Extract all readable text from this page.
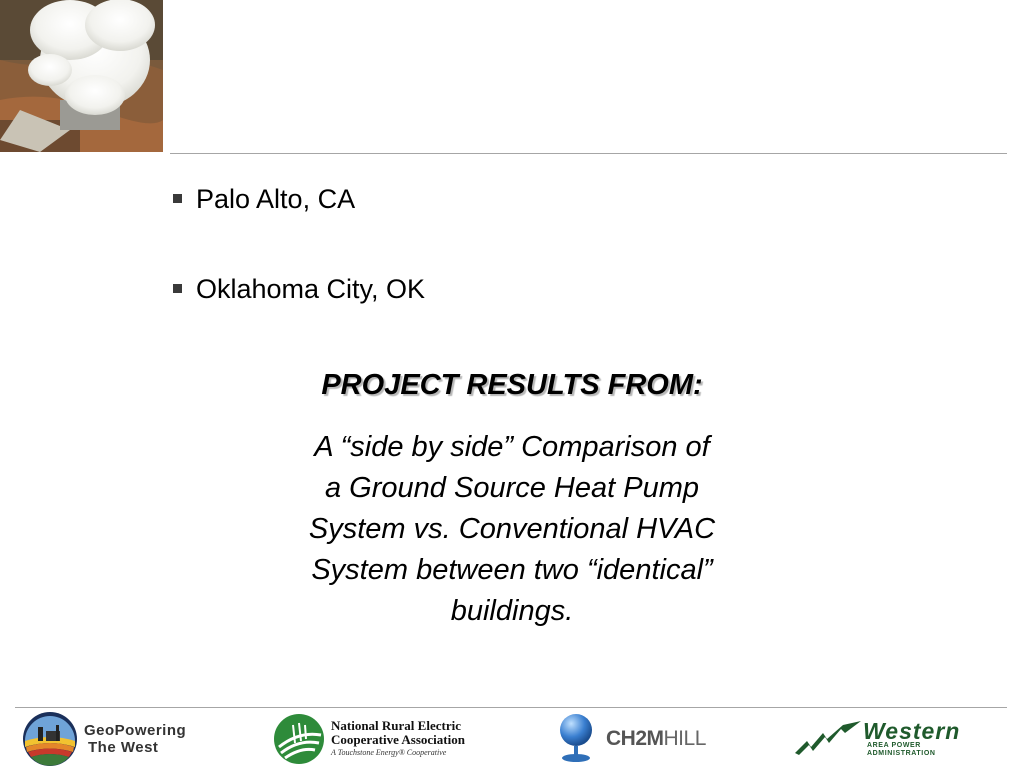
Palo Alto, CA
Oklahoma City, OK
PROJECT RESULTS FROM:
A “side by side” Comparison of
a Ground Source Heat Pump
System vs. Conventional HVAC
System between two “identical”
buildings.
GeoPowering
The West
National Rural Electric
Cooperative Association
A Touchstone Energy® Cooperative
CH2MHILL	Western
AREA POWER
ADMINISTRATION
